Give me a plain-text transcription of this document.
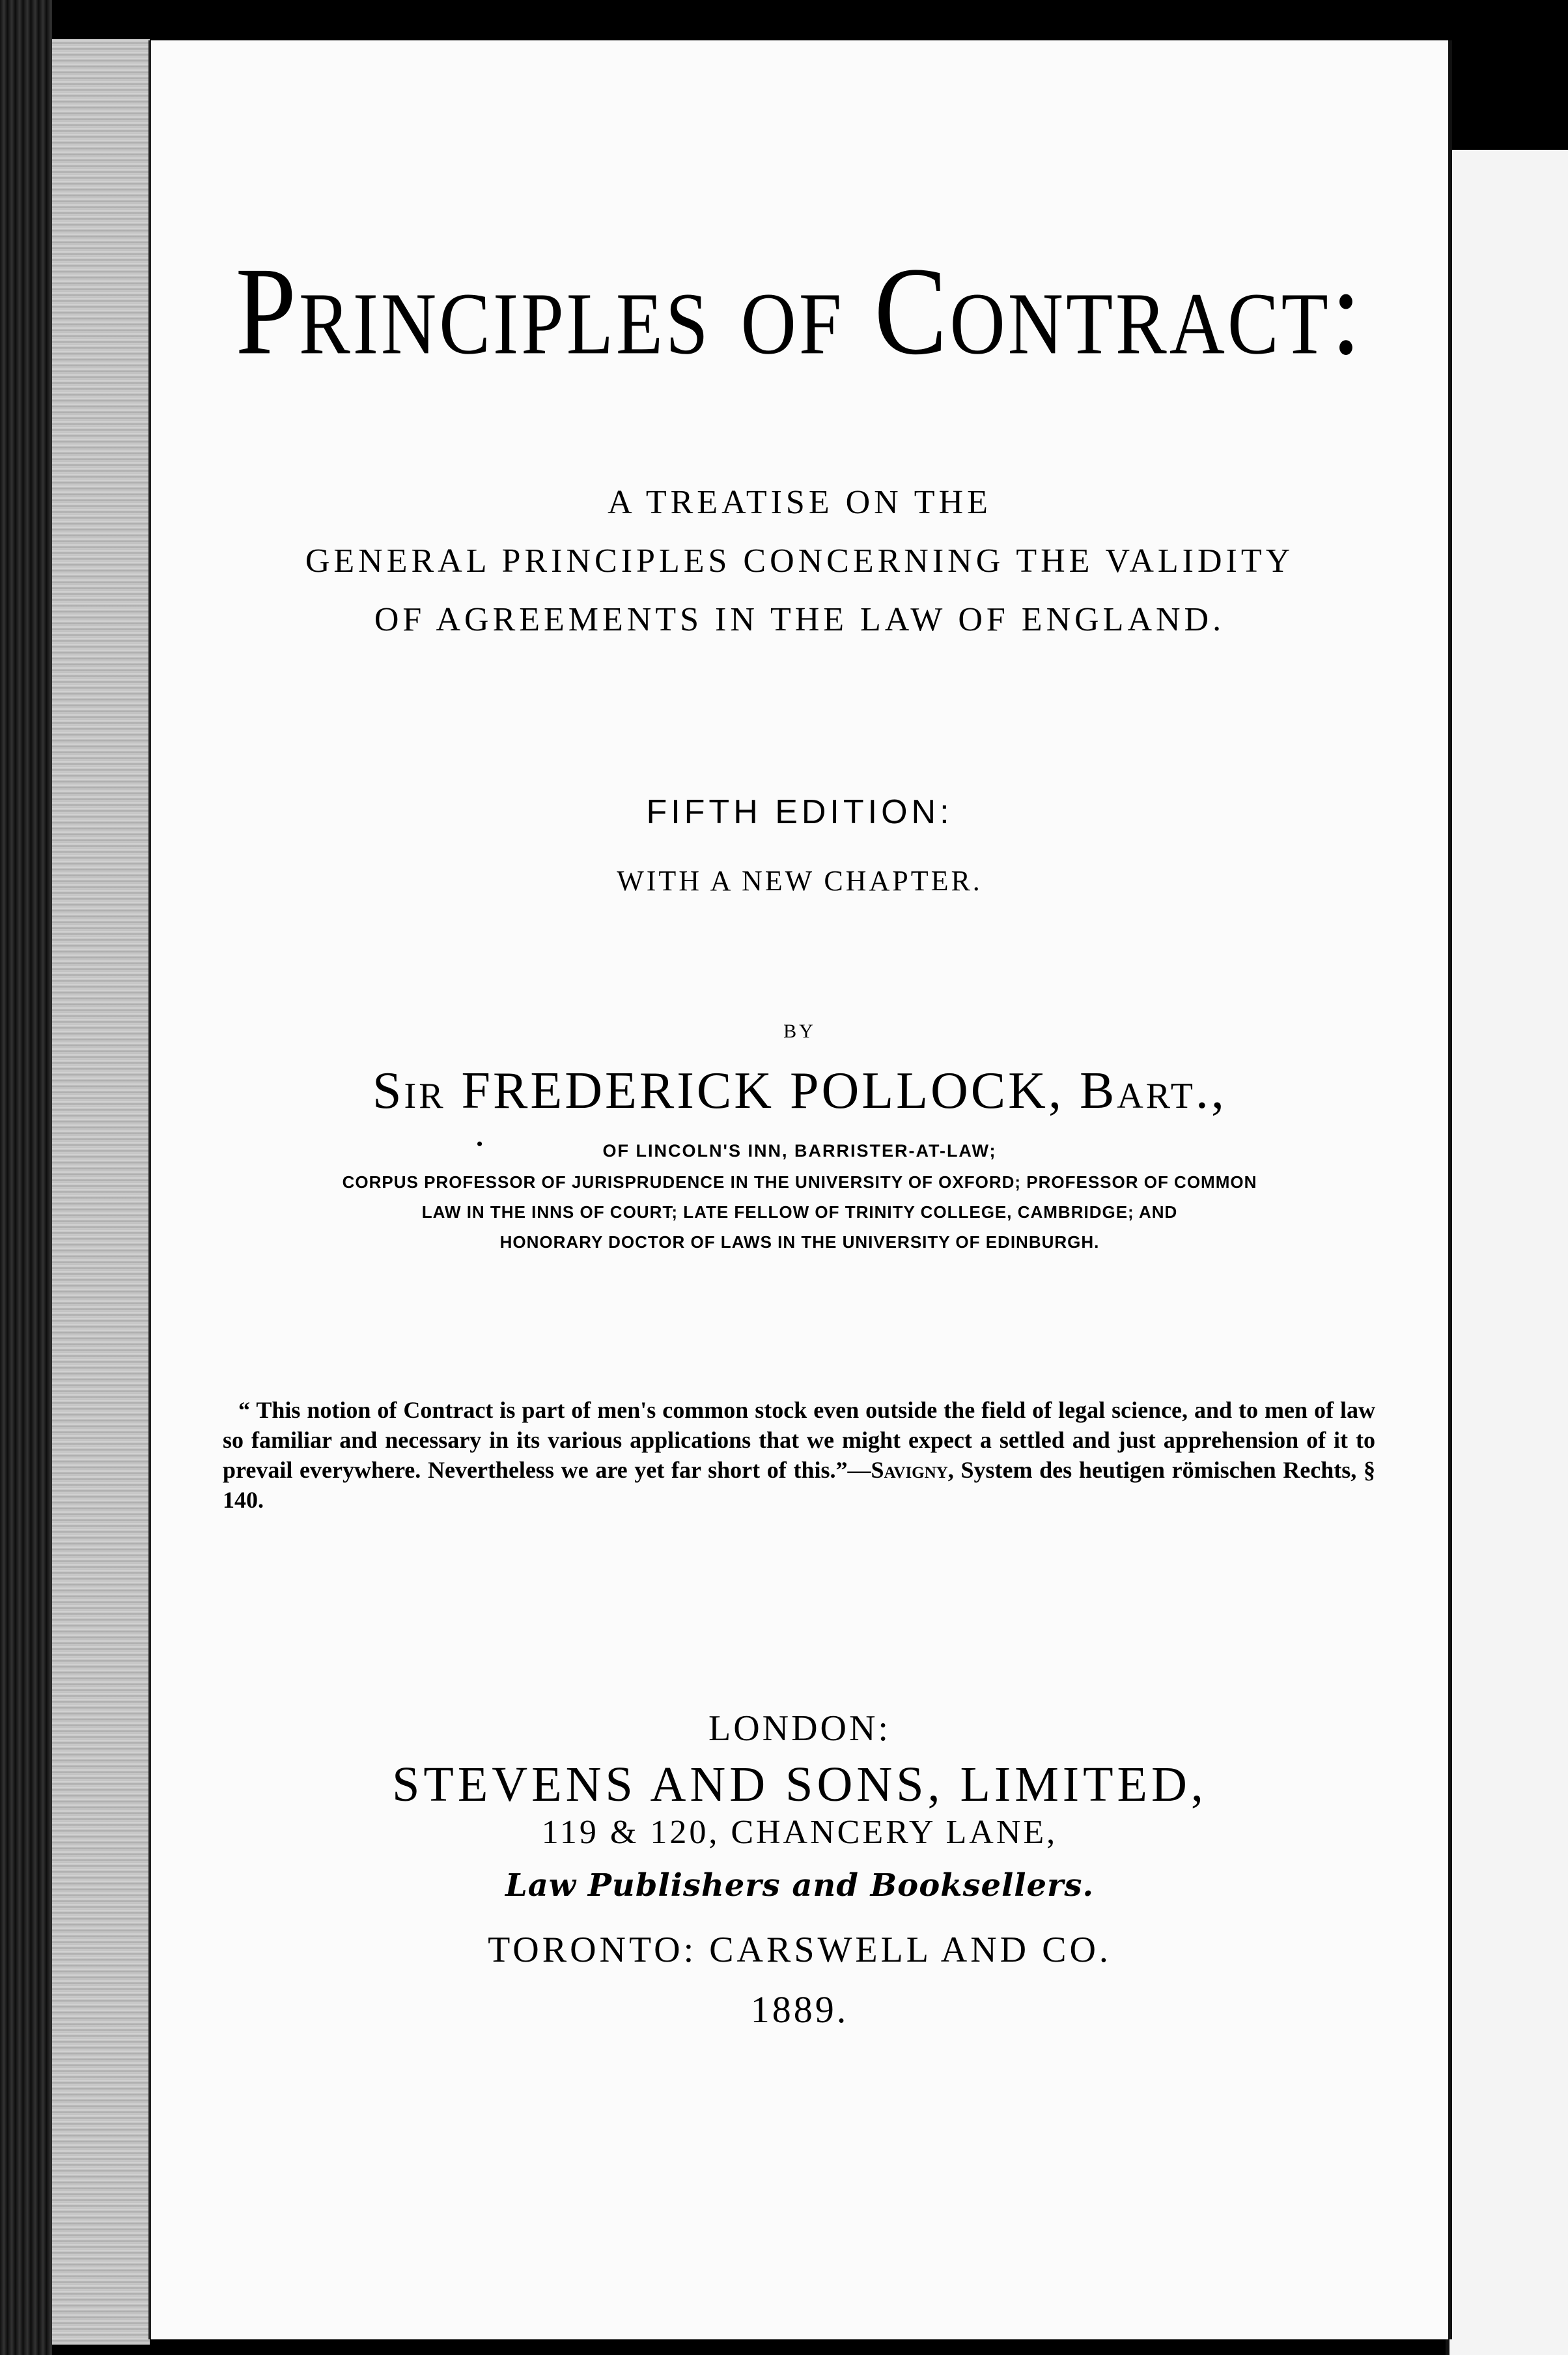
Principles of Contract:
A TREATISE ON THE
GENERAL PRINCIPLES CONCERNING THE VALIDITY
OF AGREEMENTS IN THE LAW OF ENGLAND.
FIFTH EDITION:
WITH A NEW CHAPTER.
BY
Sir FREDERICK POLLOCK, Bart.,
•	OF LINCOLN'S INN, BARRISTER-AT-LAW;
CORPUS PROFESSOR OF JURISPRUDENCE IN THE UNIVERSITY OF OXFORD; PROFESSOR OF COMMON
LAW IN THE INNS OF COURT; LATE FELLOW OF TRINITY COLLEGE, CAMBRIDGE; AND
HONORARY DOCTOR OF LAWS IN THE UNIVERSITY OF EDINBURGH.
“ This notion of Contract is part of men's common stock even outside the field of legal science, and to men of law so familiar and necessary in its various applications that we might expect a settled and just apprehension of it to prevail everywhere. Nevertheless we are yet far short of this.”—Savigny, System des heutigen römischen Rechts, § 140.
LONDON:
STEVENS AND SONS, LIMITED,
119 & 120, CHANCERY LANE,
Law Publishers and Booksellers.
TORONTO: CARSWELL AND CO.
1889.
